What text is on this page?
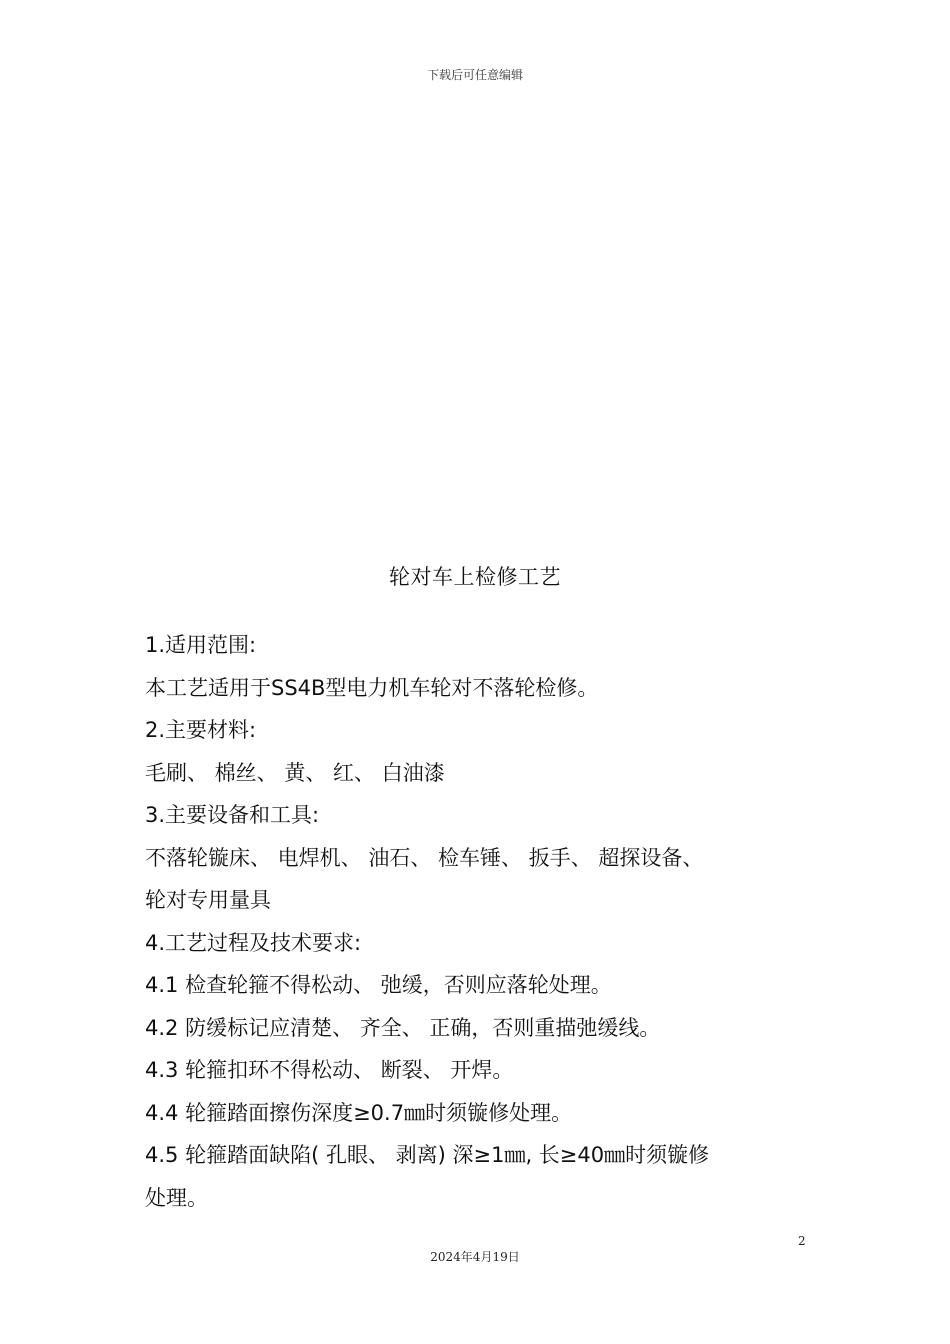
下载后可任意编辑
轮对车上检修工艺
1.适用范围:
本工艺适用于SS4B型电力机车轮对不落轮检修。
2.主要材料:
毛刷、 棉丝、 黄、 红、 白油漆
3.主要设备和工具:
不落轮镟床、 电焊机、 油石、 检车锤、 扳手、 超探设备、
轮对专用量具
4.工艺过程及技术要求:
4.1 检查轮箍不得松动、 弛缓，否则应落轮处理。
4.2 防缓标记应清楚、 齐全、 正确，否则重描弛缓线。
4.3 轮箍扣环不得松动、 断裂、 开焊。
4.4 轮箍踏面擦伤深度≥0.7㎜时须镟修处理。
4.5 轮箍踏面缺陷( 孔眼、 剥离) 深≥1㎜, 长≥40㎜时须镟修
处理。
2
2024年4月19日
